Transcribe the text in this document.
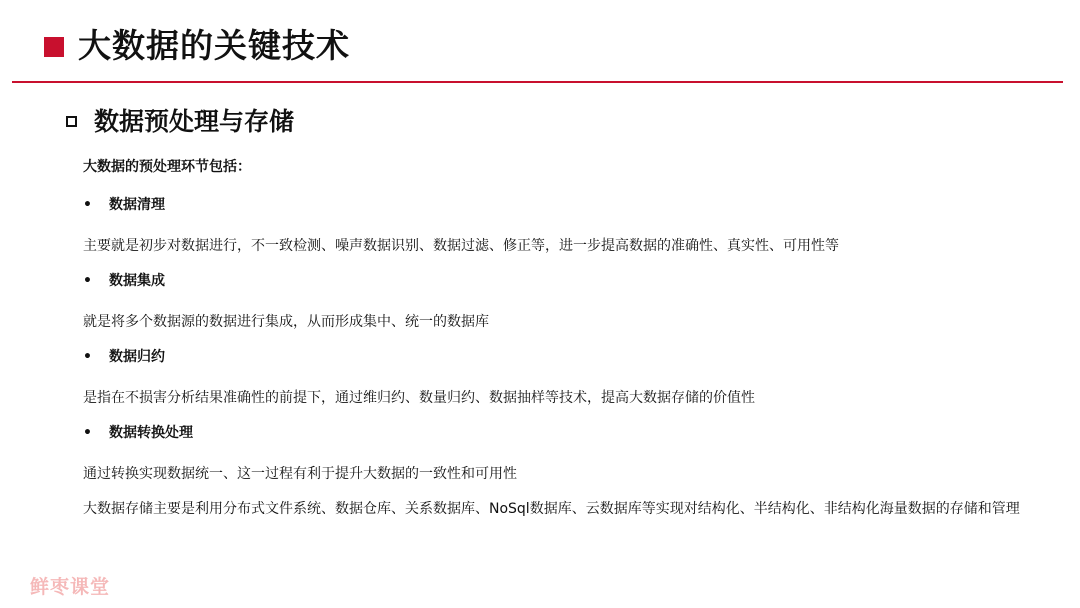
大数据的关键技术
数据预处理与存储

大数据的预处理环节包括：

•	数据清理

主要就是初步对数据进行，不一致检测、噪声数据识别、数据过滤、修正等，进一步提高数据的准确性、真实性、可用性等

•	数据集成

就是将多个数据源的数据进行集成，从而形成集中、统一的数据库

•	数据归约

是指在不损害分析结果准确性的前提下，通过维归约、数量归约、数据抽样等技术，提高大数据存储的价值性

•	数据转换处理

通过转换实现数据统一、这一过程有利于提升大数据的一致性和可用性

大数据存储主要是利用分布式文件系统、数据仓库、关系数据库、NoSql数据库、云数据库等实现对结构化、半结构化、非结构化海量数据的存储和管理

鲜枣课堂
